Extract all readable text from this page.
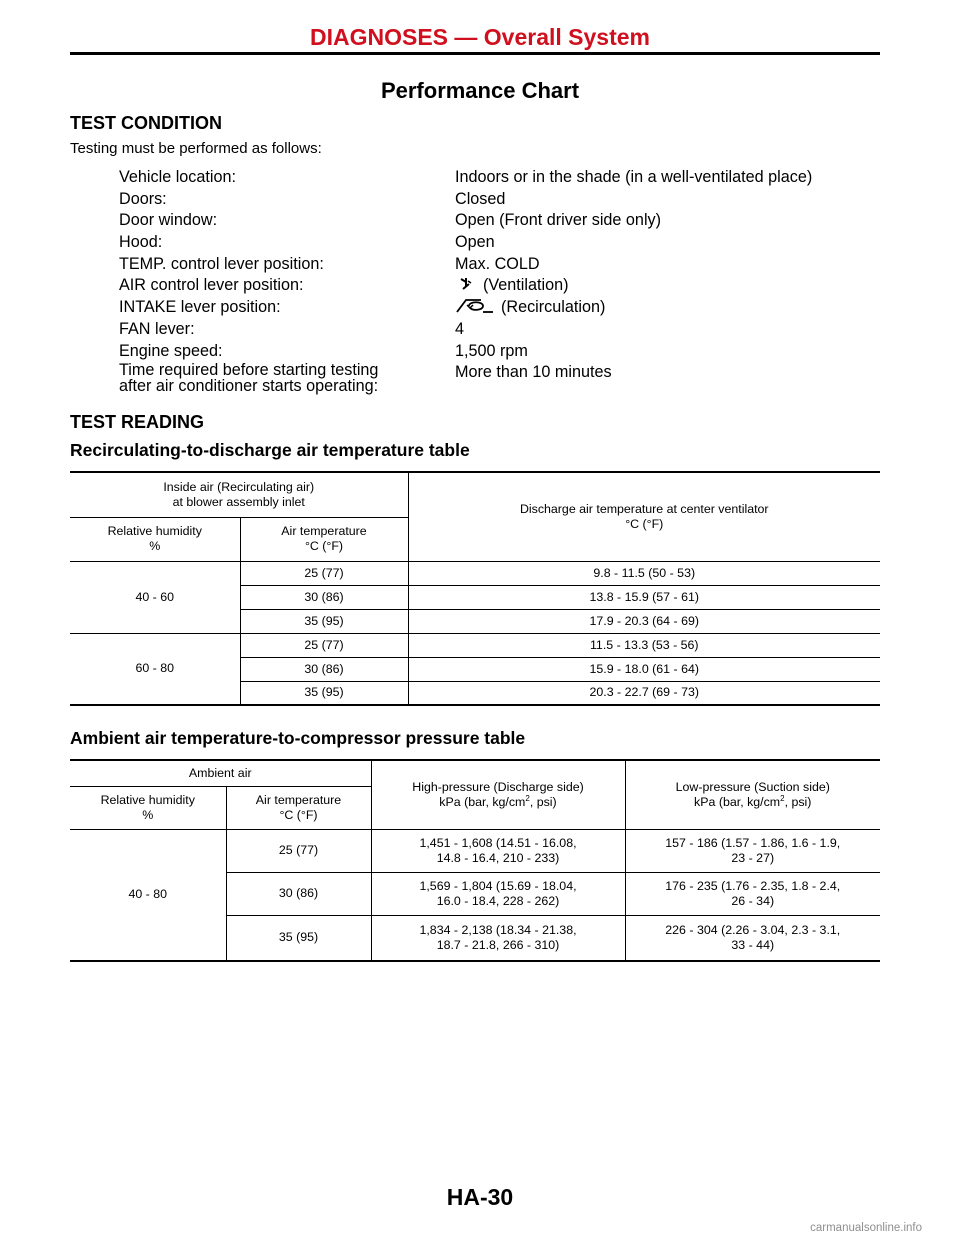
DIAGNOSES — Overall System
Performance Chart
TEST CONDITION
Testing must be performed as follows:
Vehicle location:	Indoors or in the shade (in a well-ventilated place)
Doors:	Closed
Door window:	Open (Front driver side only)
Hood:	Open
TEMP. control lever position:	Max. COLD
AIR control lever position:	(Ventilation)
INTAKE lever position:	(Recirculation)
FAN lever:	4
Engine speed:	1,500 rpm
Time required before starting testing
after air conditioner starts operating:
More than 10 minutes
TEST READING
Recirculating-to-discharge air temperature table
Inside air (Recirculating air)
at blower assembly inlet		Discharge air temperature at center ventilator
°C (°F)
Relative humidity
%	Air temperature
°C (°F)	
40 - 60	25 (77)	9.8 - 11.5 (50 - 53)
	30 (86)	13.8 - 15.9 (57 - 61)
	35 (95)	17.9 - 20.3 (64 - 69)
60 - 80	25 (77)	11.5 - 13.3 (53 - 56)
	30 (86)	15.9 - 18.0 (61 - 64)
	35 (95)	20.3 - 22.7 (69 - 73)
Ambient air temperature-to-compressor pressure table
Ambient air		High-pressure (Discharge side)
kPa (bar, $kg/cm^2$, psi)	Low-pressure (Suction side)
kPa (bar, $kg/cm^2$, psi)
Relative humidity
%	Air temperature
°C (°F)		
40 - 80	25 (77)	1,451 - 1,608 (14.51 - 16.08,
14.8 - 16.4, 210 - 233)	157 - 186 (1.57 - 1.86, 1.6 - 1.9,
23 - 27)
	30 (86)	1,569 - 1,804 (15.69 - 18.04,
16.0 - 18.4, 228 - 262)	176 - 235 (1.76 - 2.35, 1.8 - 2.4,
26 - 34)
	35 (95)	1,834 - 2,138 (18.34 - 21.38,
18.7 - 21.8, 266 - 310)	226 - 304 (2.26 - 3.04, 2.3 - 3.1,
33 - 44)
HA-30
carmanualsonline.info
